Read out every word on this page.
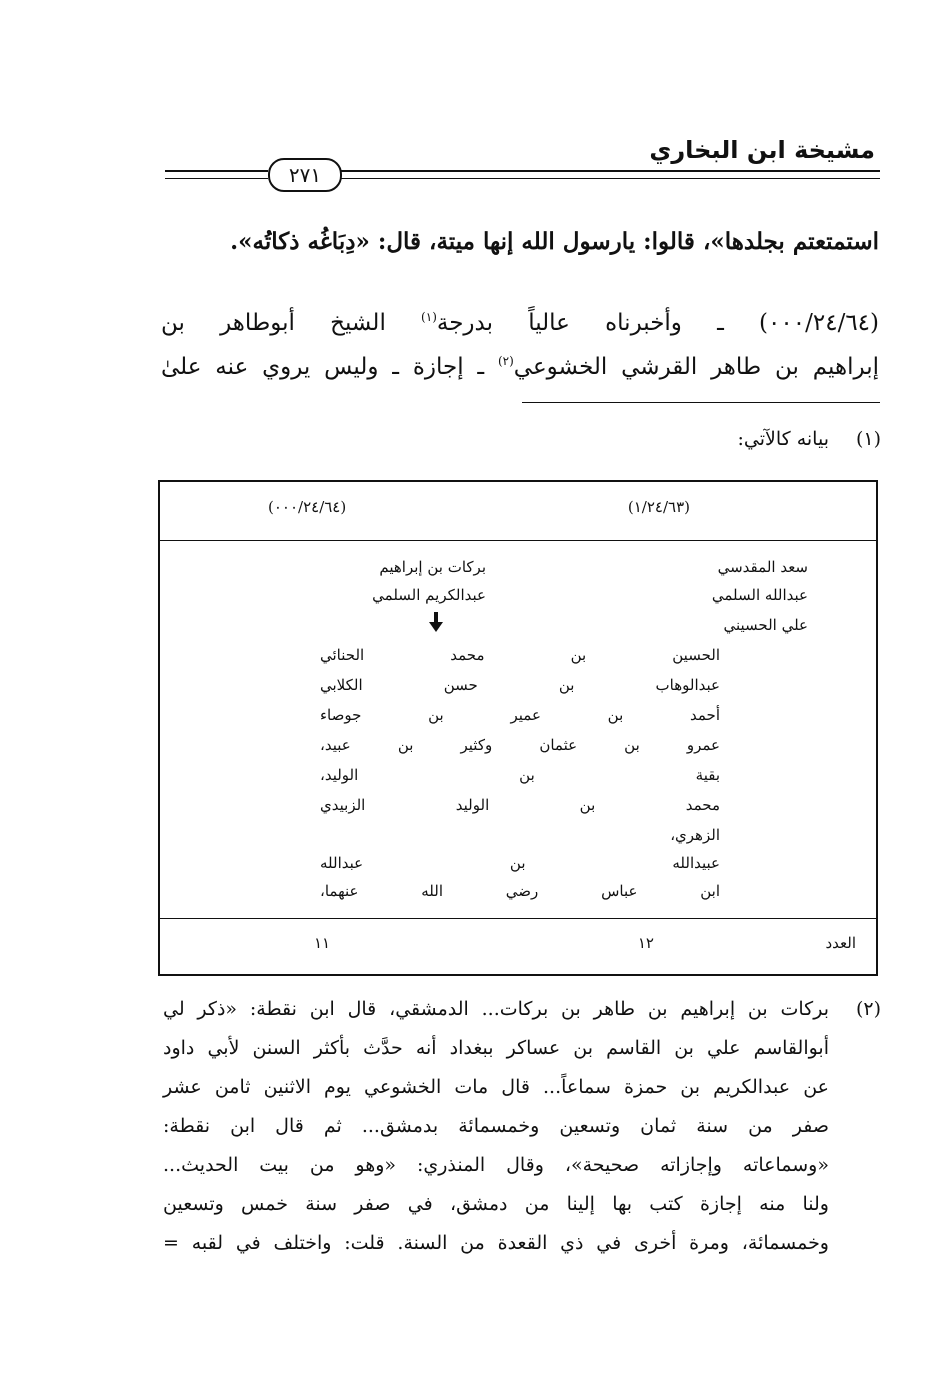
مشيخة ابن البخاري
٢٧١
استمتعتم بجلدها»، قالوا: يارسول الله إنها ميتة، قال: «دِبَاغُه ذكاتُه».
(٠٠٠/٢٤/٦٤) ـ وأخبرناه عالياً بدرجة$^{(١)}$ الشيخ أبوطاهر بن
إبراهيم بن طاهر القرشي الخشوعي$^{(٢)}$ ـ إجازة ـ وليس يروي عنه علىٰ
(١)
بيانه كالآتي:
(١/٢٤/٦٣)
(٠٠٠/٢٤/٦٤)
سعد المقدسي
عبدالله السلمي
علي الحسيني
بركات بن إبراهيم
عبدالكريم السلمي
الحسين بن محمد الحنائي
عبدالوهاب بن حسن الكلابي
أحمد بن عمير بن جوصاء
عمرو بن عثمان وكثير بن عبيد،
بقية بن الوليد،
محمد بن الوليد الزبيدي
الزهري،
عبيدالله بن عبدالله
ابن عباس رضي الله عنهما،
العدد
١٢
١١
(٢)
بركات بن إبراهيم بن طاهر بن بركات... الدمشقي، قال ابن نقطة: «ذكر لي
أبوالقاسم علي بن القاسم بن عساكر ببغداد أنه حدَّث بأكثر السنن لأبي داود
عن عبدالكريم بن حمزة سماعاً... قال مات الخشوعي يوم الاثنين ثامن عشر
صفر من سنة ثمان وتسعين وخمسمائة بدمشق... ثم قال ابن نقطة:
«وسماعاته وإجازاته صحيحة»، وقال المنذري: «وهو من بيت الحديث...
ولنا منه إجازة كتب بها إلينا من دمشق، في صفر سنة خمس وتسعين
وخمسمائة، ومرة أخرى في ذي القعدة من السنة. قلت: واختلف في لقبه =
